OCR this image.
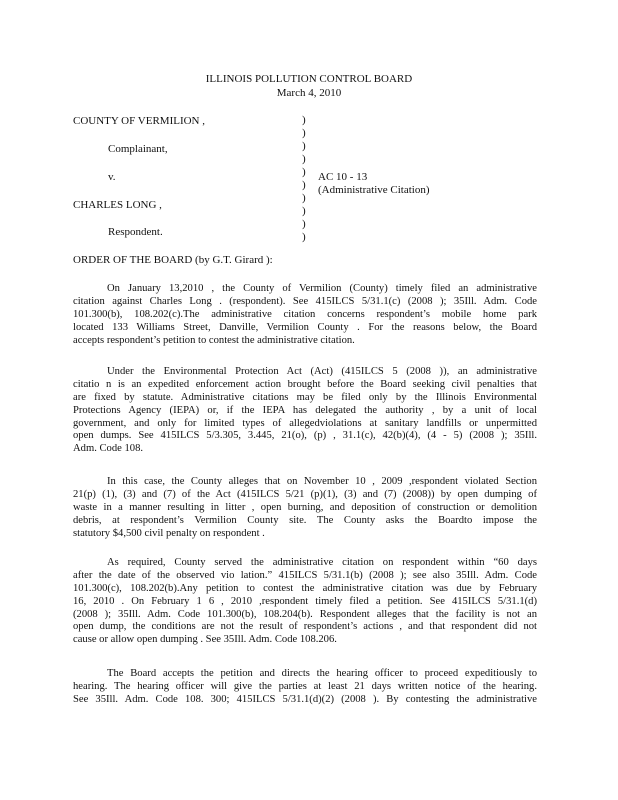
ILLINOIS POLLUTION CONTROL BOARD
March 4, 2010
COUNTY OF VERMILION ,
Complainant,
v.
CHARLES LONG ,
Respondent.
)
)
)
)
)
)
)
)
)
)
AC 10 - 13
(Administrative Citation)
ORDER OF THE BOARD (by G.T. Girard ):
On January 13,2010 , the County of Vermilion (County) timely filed an administrative
citation against Charles Long . (respondent). See 415ILCS 5/31.1(c) (2008 ); 35Ill. Adm. Code
101.300(b), 108.202(c).The administrative citation concerns respondent’s mobile home park
located 133 Williams Street, Danville, Vermilion County . For the reasons below, the Board
accepts respondent’s petition to contest the administrative citation.
Under the Environmental Protection Act (Act) (415ILCS 5 (2008 )), an administrative
citatio n is an expedited enforcement action brought before the Board seeking civil penalties that
are fixed by statute. Administrative citations may be filed only by the Illinois Environmental
Protections Agency (IEPA) or, if the IEPA has delegated the authority , by a unit of local
government, and only for limited types of allegedviolations at sanitary landfills or unpermitted
open dumps. See 415ILCS 5/3.305, 3.445, 21(o), (p) , 31.1(c), 42(b)(4), (4 - 5) (2008 ); 35Ill.
Adm. Code 108.
In this case, the County alleges that on November 10 , 2009 ,respondent violated Section
21(p) (1), (3) and (7) of the Act (415ILCS 5/21 (p)(1), (3) and (7) (2008)) by open dumping of
waste in a manner resulting in litter , open burning, and deposition of construction or demolition
debris, at respondent’s Vermilion County site. The County asks the Boardto impose the
statutory $4,500 civil penalty on respondent .
As required, County served the administrative citation on respondent within “60 days
after the date of the observed vio lation.” 415ILCS 5/31.1(b) (2008 ); see also 35Ill. Adm. Code
101.300(c), 108.202(b).Any petition to contest the administrative citation was due by February
16, 2010 . On February 1 6 , 2010 ,respondent timely filed a petition. See 415ILCS 5/31.1(d)
(2008 ); 35Ill. Adm. Code 101.300(b), 108.204(b). Respondent alleges that the facility is not an
open dump, the conditions are not the result of respondent’s actions , and that respondent did not
cause or allow open dumping . See 35Ill. Adm. Code 108.206.
The Board accepts the petition and directs the hearing officer to proceed expeditiously to
hearing. The hearing officer will give the parties at least 21 days written notice of the hearing.
See 35Ill. Adm. Code 108. 300; 415ILCS 5/31.1(d)(2) (2008 ). By contesting the administrative
